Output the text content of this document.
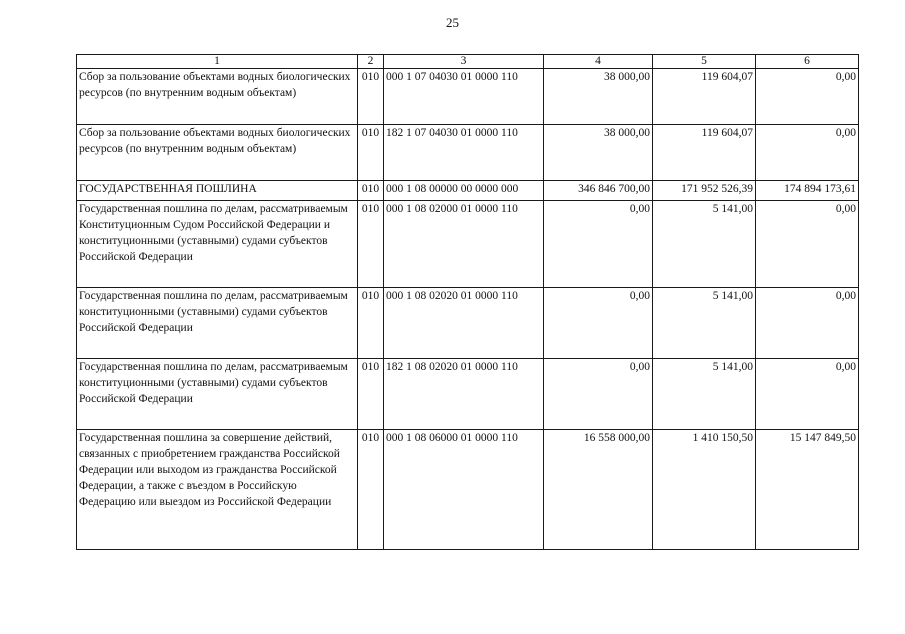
25
1	2	3	4	5	6
Сбор за пользование объектами водных биологических ресурсов (по внутренним водным объектам)	010	000 1 07 04030 01 0000 110	38 000,00	119 604,07	0,00
Сбор за пользование объектами водных биологических ресурсов (по внутренним водным объектам)	010	182 1 07 04030 01 0000 110	38 000,00	119 604,07	0,00
ГОСУДАРСТВЕННАЯ ПОШЛИНА	010	000 1 08 00000 00 0000 000	346 846 700,00	171 952 526,39	174 894 173,61
Государственная пошлина по делам, рассматриваемым Конституционным Судом Российской Федерации и конституционными (уставными) судами субъектов Российской Федерации	010	000 1 08 02000 01 0000 110	0,00	5 141,00	0,00
Государственная пошлина по делам, рассматриваемым конституционными (уставными) судами субъектов Российской Федерации	010	000 1 08 02020 01 0000 110	0,00	5 141,00	0,00
Государственная пошлина по делам, рассматриваемым конституционными (уставными) судами субъектов Российской Федерации	010	182 1 08 02020 01 0000 110	0,00	5 141,00	0,00
Государственная пошлина за совершение действий, связанных с приобретением гражданства Российской Федерации или выходом из гражданства Российской Федерации, а также с въездом в Российскую Федерацию или выездом из Российской Федерации	010	000 1 08 06000 01 0000 110	16 558 000,00	1 410 150,50	15 147 849,50
